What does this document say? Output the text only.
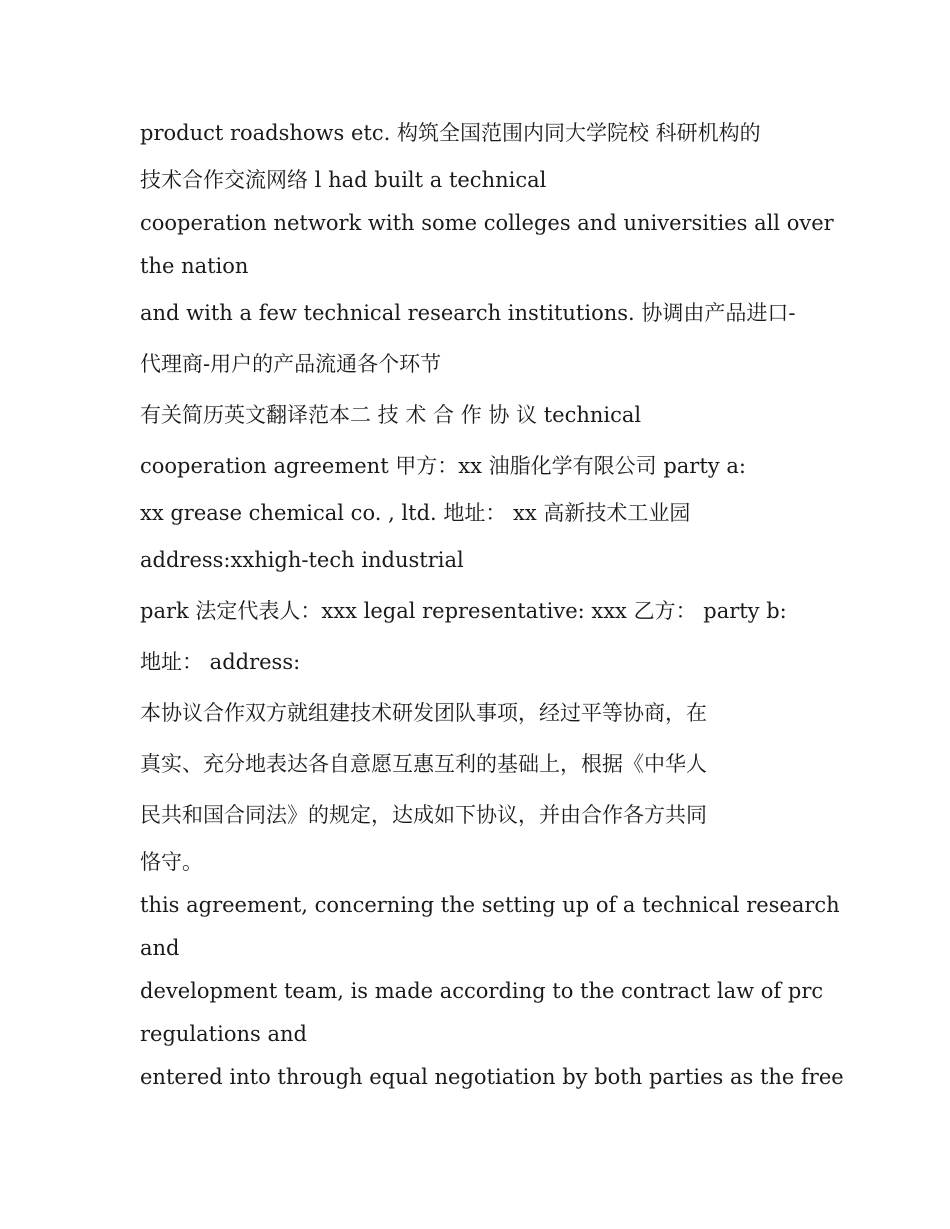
product roadshows etc. 构筑全国范围内同大学院校 科研机构的
技术合作交流网络 l had built a technical
cooperation network with some colleges and universities all over
the nation
and with a few technical research institutions. 协调由产品进口-
代理商-用户的产品流通各个环节
有关简历英文翻译范本二 技 术 合 作 协 议 technical
cooperation agreement 甲方：xx 油脂化学有限公司 party a:
xx grease chemical co. , ltd. 地址： xx 高新技术工业园
address:xxhigh-tech industrial
park 法定代表人：xxx legal representative: xxx 乙方： party b:
地址： address:
本协议合作双方就组建技术研发团队事项，经过平等协商，在
真实、充分地表达各自意愿互惠互利的基础上，根据《中华人
民共和国合同法》的规定，达成如下协议，并由合作各方共同
恪守。
this agreement, concerning the setting up of a technical research
and
development team, is made according to the contract law of prc
regulations and
entered into through equal negotiation by both parties as the free
